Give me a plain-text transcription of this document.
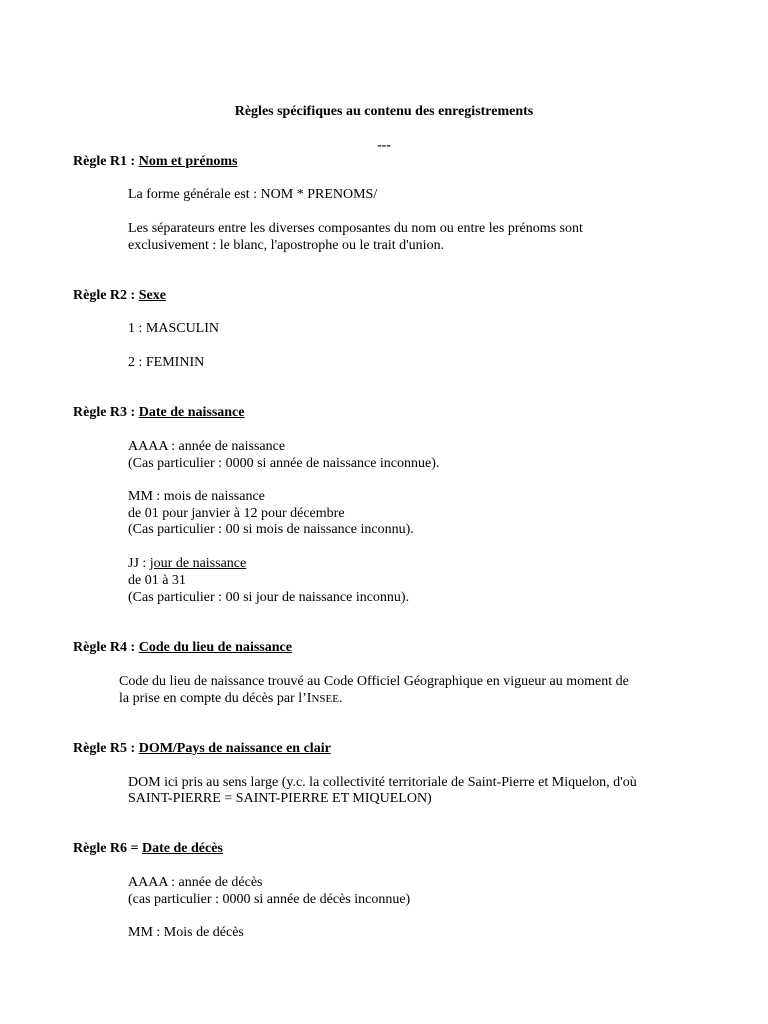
Règles spécifiques au contenu des enregistrements
---
Règle R1 : Nom et prénoms
La forme générale est : NOM * PRENOMS/
Les séparateurs entre les diverses composantes du nom ou entre les prénoms sont
exclusivement : le blanc, l'apostrophe ou le trait d'union.
Règle R2 : Sexe
1 : MASCULIN
2 : FEMININ
Règle R3 : Date de naissance
AAAA : année de naissance
(Cas particulier : 0000 si année de naissance inconnue).
MM : mois de naissance
de 01 pour janvier à 12 pour décembre
(Cas particulier : 00 si mois de naissance inconnu).
JJ : jour de naissance
de 01 à 31
(Cas particulier : 00 si jour de naissance inconnu).
Règle R4 : Code du lieu de naissance
Code du lieu de naissance trouvé au Code Officiel Géographique en vigueur au moment de
la prise en compte du décès par l’INSEE.
Règle R5 : DOM/Pays de naissance en clair
DOM ici pris au sens large (y.c. la collectivité territoriale de Saint-Pierre et Miquelon, d'où
SAINT-PIERRE = SAINT-PIERRE ET MIQUELON)
Règle R6 = Date de décès
AAAA : année de décès
(cas particulier : 0000 si année de décès inconnue)
MM : Mois de décès
